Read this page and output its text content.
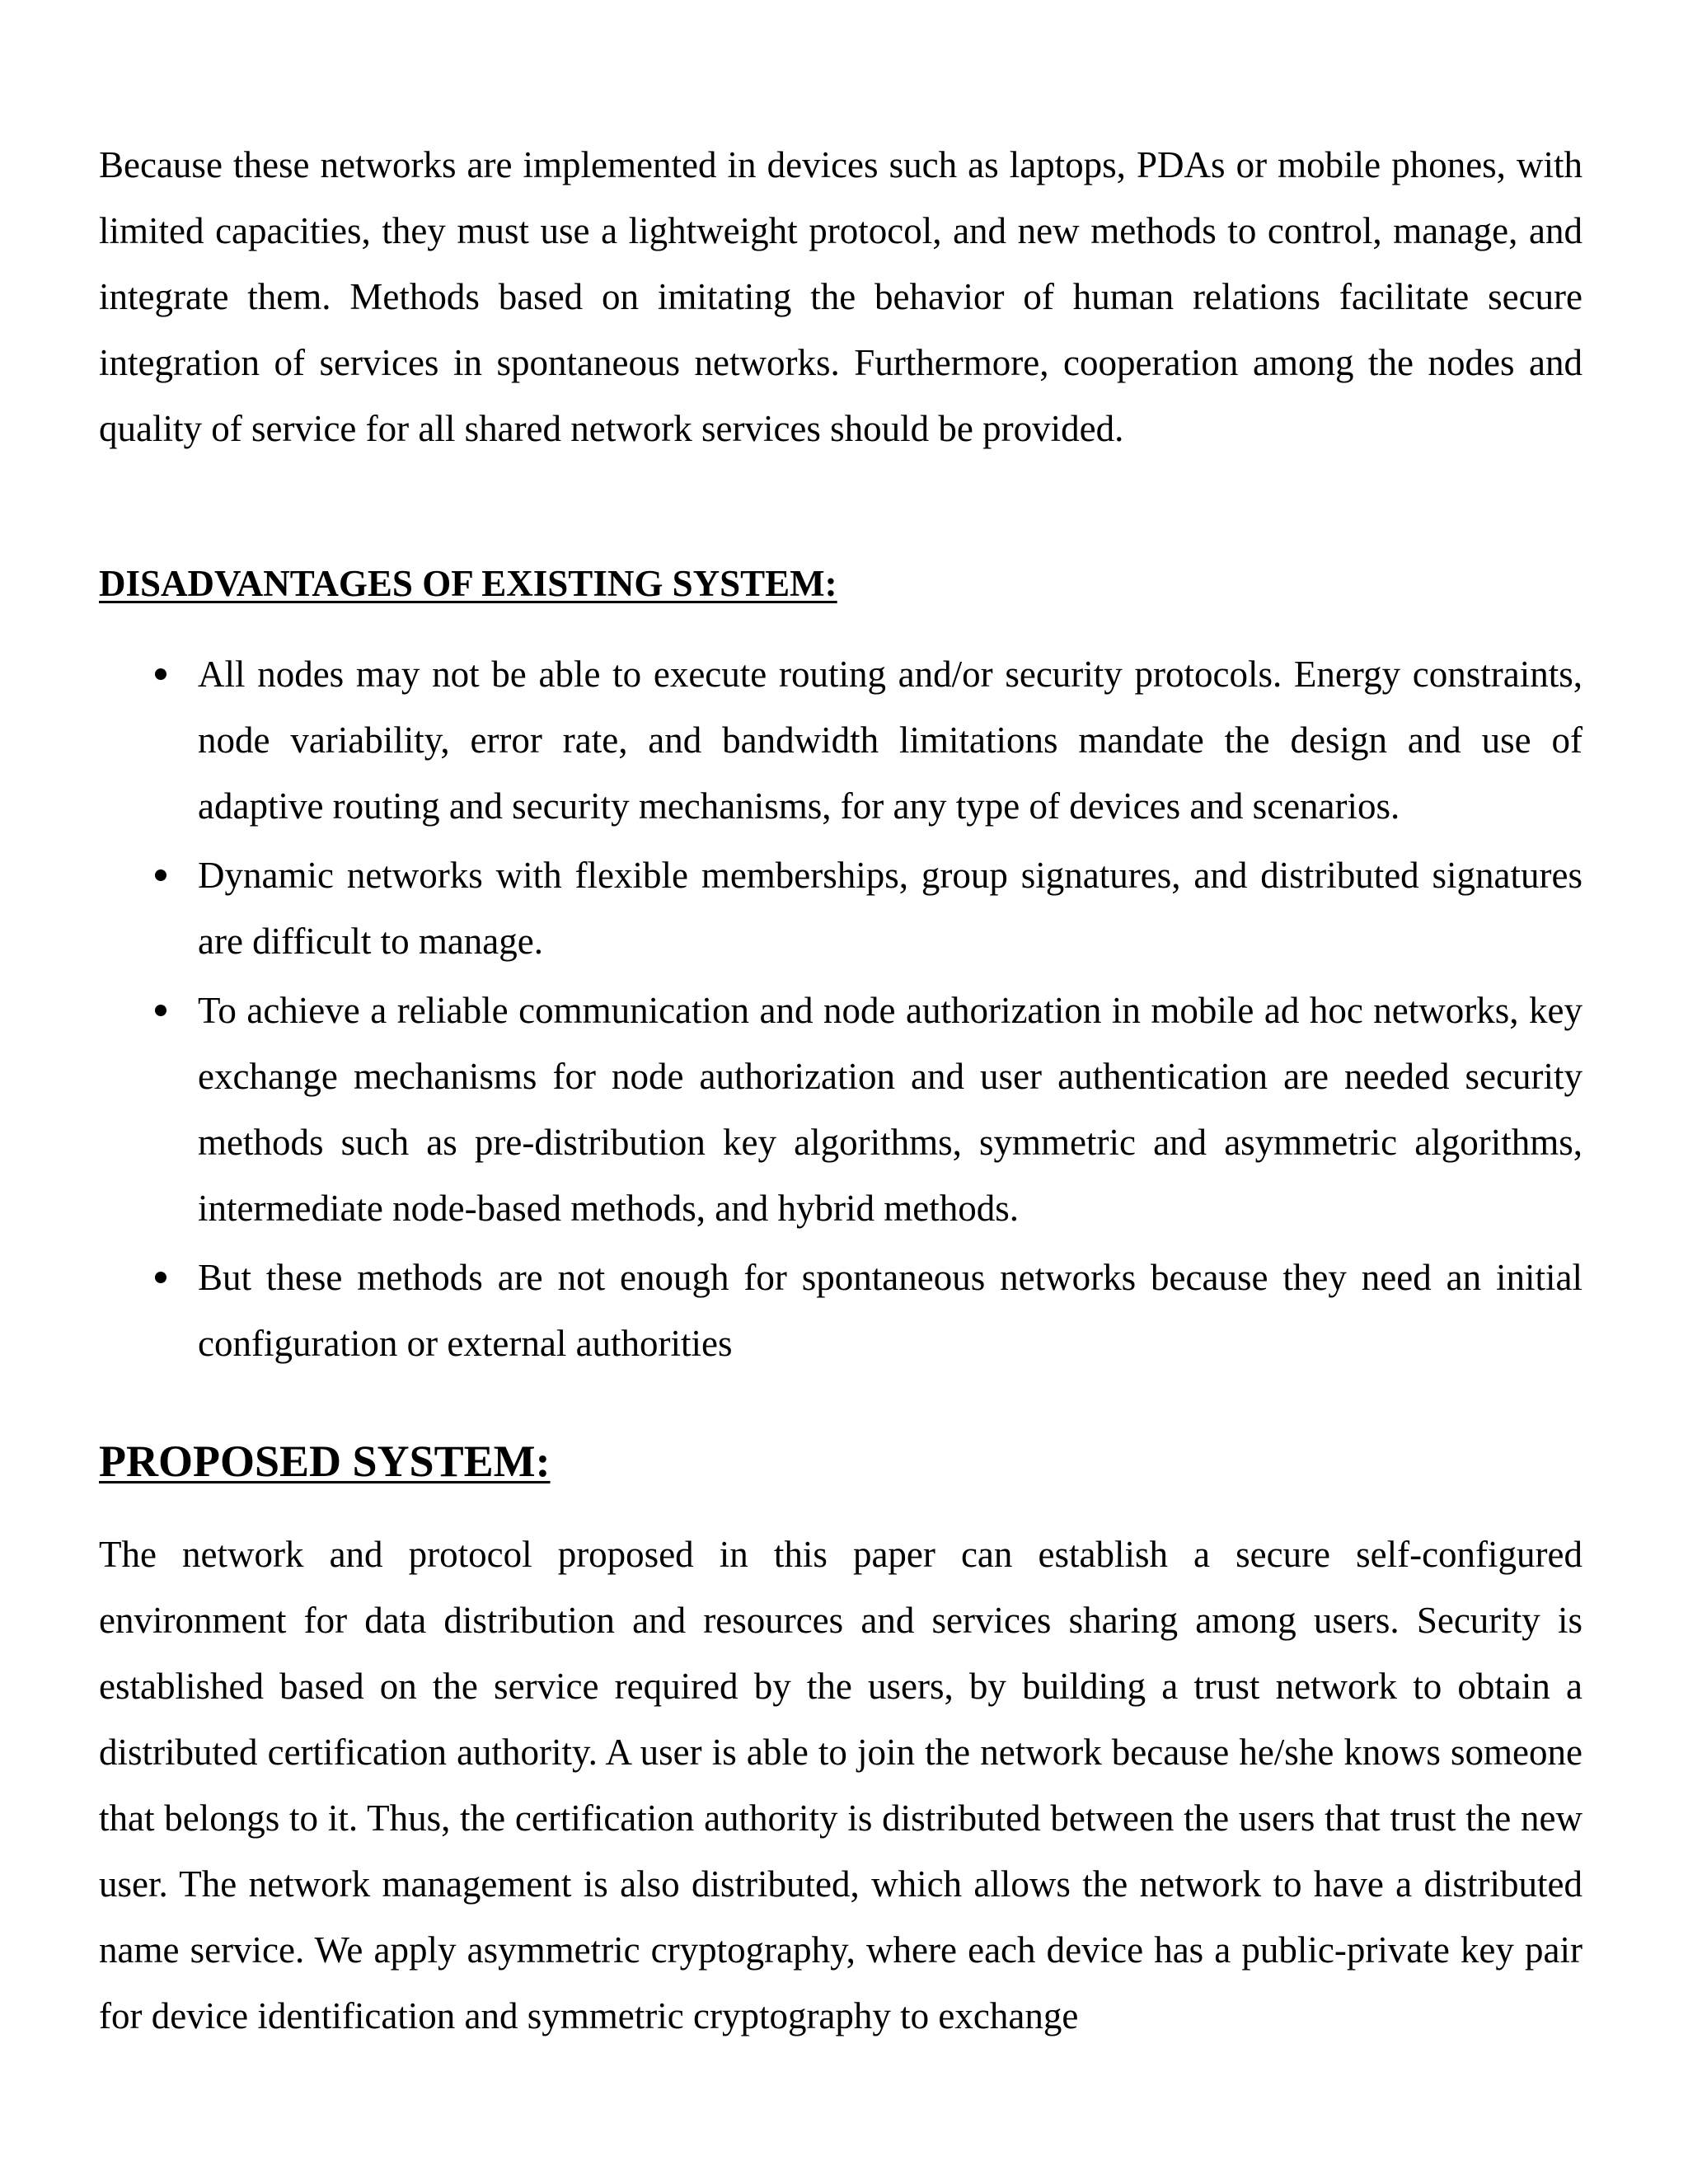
Because these networks are implemented in devices such as laptops, PDAs or mobile phones, with limited capacities, they must use a lightweight protocol, and new methods to control, manage, and integrate them. Methods based on imitating the behavior of human relations facilitate secure integration of services in spontaneous networks. Furthermore, cooperation among the nodes and quality of service for all shared network services should be provided.

DISADVANTAGES OF EXISTING SYSTEM:
All nodes may not be able to execute routing and/or security protocols. Energy constraints, node variability, error rate, and bandwidth limitations mandate the design and use of adaptive routing and security mechanisms, for any type of devices and scenarios.
Dynamic networks with flexible memberships, group signatures, and distributed signatures are difficult to manage.
To achieve a reliable communication and node authorization in mobile ad hoc networks, key exchange mechanisms for node authorization and user authentication are needed security methods such as pre-distribution key algorithms, symmetric and asymmetric algorithms, intermediate node-based methods, and hybrid methods.
But these methods are not enough for spontaneous networks because they need an initial configuration or external authorities
PROPOSED SYSTEM:

The network and protocol proposed in this paper can establish a secure self-configured environment for data distribution and resources and services sharing among users. Security is established based on the service required by the users, by building a trust network to obtain a distributed certification authority. A user is able to join the network because he/she knows someone that belongs to it. Thus, the certification authority is distributed between the users that trust the new user. The network management is also distributed, which allows the network to have a distributed name service. We apply asymmetric cryptography, where each device has a public-private key pair for device identification and symmetric cryptography to exchange
